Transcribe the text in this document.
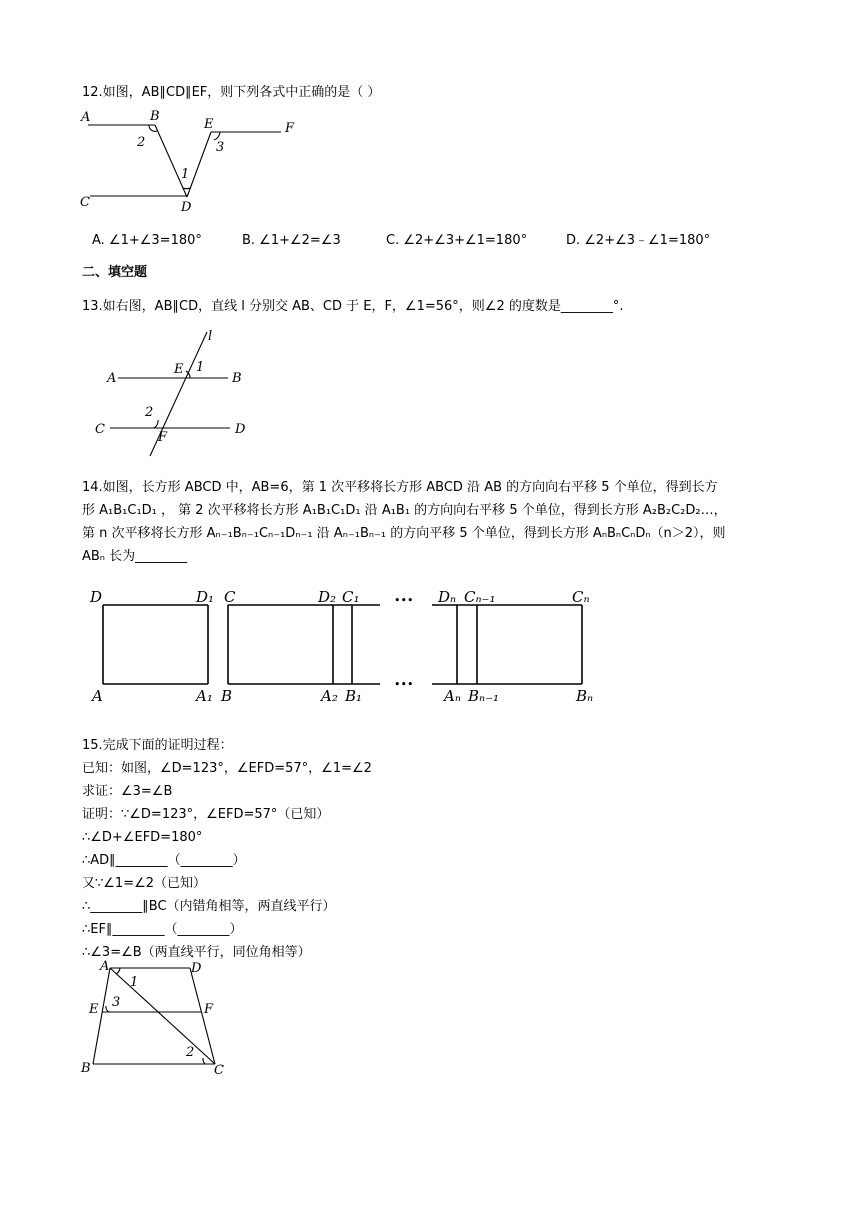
12.如图，AB∥CD∥EF，则下列各式中正确的是（ ）
A	B
E	F
C	D
2	3
1
A. ∠1+∠3=180°	B. ∠1+∠2=∠3	C. ∠2+∠3+∠1=180°	D. ∠2+∠3﹣∠1=180°
二、填空题
13.如右图，AB∥CD，直线 l 分别交 AB、CD 于 E，F，∠1=56°，则∠2 的度数是________°.
l
A	B
E 1
C	D
2
F
14.如图，长方形 ABCD 中，AB=6，第 1 次平移将长方形 ABCD 沿 AB 的方向向右平移 5 个单位，得到长方
形 A₁B₁C₁D₁ ， 第 2 次平移将长方形 A₁B₁C₁D₁ 沿 A₁B₁ 的方向向右平移 5 个单位，得到长方形 A₂B₂C₂D₂…，
第 n 次平移将长方形 Aₙ₋₁Bₙ₋₁Cₙ₋₁Dₙ₋₁ 沿 Aₙ₋₁Bₙ₋₁ 的方向平移 5 个单位，得到长方形 AₙBₙCₙDₙ（n＞2），则
ABₙ 长为________
D	D₁ C	D₂ C₁	••• Dₙ Cₙ₋₁	Cₙ
A	A₁ B	A₂ B₁
•••
Aₙ Bₙ₋₁	Bₙ
15.完成下面的证明过程：
已知：如图，∠D=123°，∠EFD=57°，∠1=∠2
求证：∠3=∠B
证明：∵∠D=123°，∠EFD=57°（已知）
∴∠D+∠EFD=180°
∴AD∥________（________）
又∵∠1=∠2（已知）
∴________∥BC（内错角相等，两直线平行）
∴EF∥________（________）
∴∠3=∠B（两直线平行，同位角相等）
A	D
1
E 3	F
2
B	C
